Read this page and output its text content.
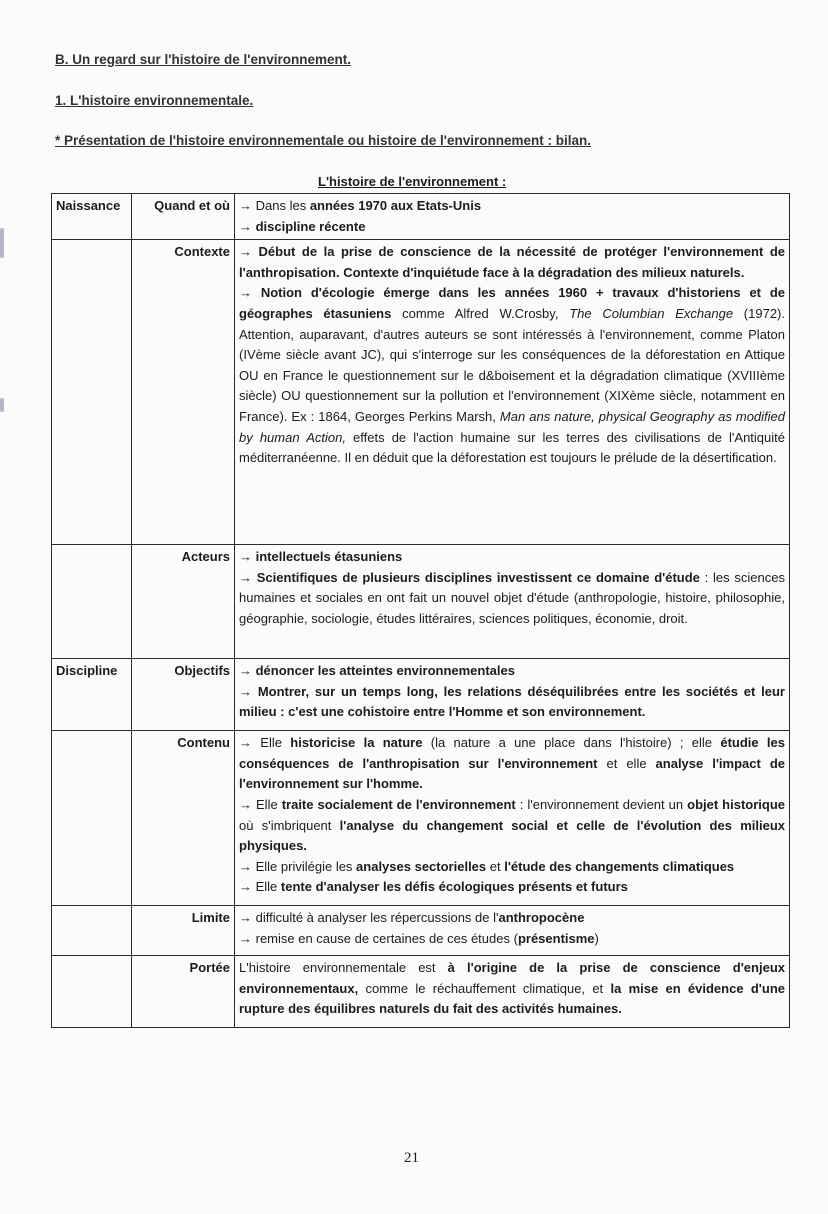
B. Un regard sur l'histoire de l'environnement.
1. L'histoire environnementale.
* Présentation de l'histoire environnementale ou histoire de l'environnement : bilan.
L'histoire de l'environnement :
Naissance	Quand et où	→ Dans les années 1970 aux Etats-Unis
→ discipline récente

	Contexte	→ Début de la prise de conscience de la nécessité de protéger l'environnement de l'anthropisation. Contexte d'inquiétude face à la dégradation des milieux naturels.
→ Notion d'écologie émerge dans les années 1960 + travaux d'historiens et de géographes étasuniens comme Alfred W.Crosby, The Columbian Exchange (1972). Attention, auparavant, d'autres auteurs se sont intéressés à l'environnement, comme Platon (IVème siècle avant JC), qui s'interroge sur les conséquences de la déforestation en Attique OU en France le questionnement sur le d&boisement et la dégradation climatique (XVIIIème siècle) OU questionnement sur la pollution et l'environnement (XIXème siècle, notamment en France). Ex : 1864, Georges Perkins Marsh, Man ans nature, physical Geography as modified by human Action, effets de l'action humaine sur les terres des civilisations de l'Antiquité méditerranéenne. Il en déduit que la déforestation est toujours le prélude de la désertification.

	Acteurs	→ intellectuels étasuniens
→ Scientifiques de plusieurs disciplines investissent ce domaine d'étude : les sciences humaines et sociales en ont fait un nouvel objet d'étude (anthropologie, histoire, philosophie, géographie, sociologie, études littéraires, sciences politiques, économie, droit.

Discipline	Objectifs	→ dénoncer les atteintes environnementales
→ Montrer, sur un temps long, les relations déséquilibrées entre les sociétés et leur milieu : c'est une cohistoire entre l'Homme et son environnement.

	Contenu	→ Elle historicise la nature (la nature a une place dans l'histoire) ; elle étudie les conséquences de l'anthropisation sur l'environnement et elle analyse l'impact de l'environnement sur l'homme.
→ Elle traite socialement de l'environnement : l'environnement devient un objet historique où s'imbriquent l'analyse du changement social et celle de l'évolution des milieux physiques.
→ Elle privilégie les analyses sectorielles et l'étude des changements climatiques
→ Elle tente d'analyser les défis écologiques présents et futurs

	Limite	→ difficulté à analyser les répercussions de l'anthropocène
→ remise en cause de certaines de ces études (présentisme)

	Portée	L'histoire environnementale est à l'origine de la prise de conscience d'enjeux environnementaux, comme le réchauffement climatique, et la mise en évidence d'une rupture des équilibres naturels du fait des activités humaines.
21
